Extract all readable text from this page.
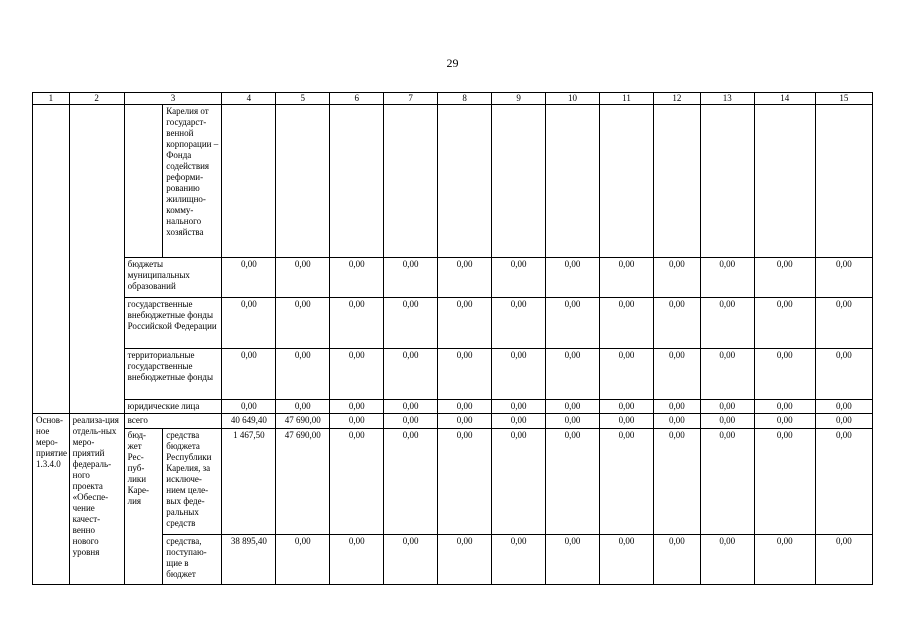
29
1	2	3		4	5	6	7	8	9	10	11	12	13	14	15
			Карелия от государст-венной корпорации – Фонда содействия реформи-рованию жилищно-комму-нального хозяйства												
		бюджеты муниципальных образований		0,00	0,00	0,00	0,00	0,00	0,00	0,00	0,00	0,00	0,00	0,00	0,00
		государственные внебюджетные фонды Российской Федерации		0,00	0,00	0,00	0,00	0,00	0,00	0,00	0,00	0,00	0,00	0,00	0,00
		территориальные государственные внебюджетные фонды		0,00	0,00	0,00	0,00	0,00	0,00	0,00	0,00	0,00	0,00	0,00	0,00
		юридические лица		0,00	0,00	0,00	0,00	0,00	0,00	0,00	0,00	0,00	0,00	0,00	0,00
Основ-ное меро-приятие 1.3.4.0	реализа-ция отдель-ных меро-приятий федераль-ного проекта «Обеспе-чение качест-венно нового уровня	всего		40 649,40	47 690,00	0,00	0,00	0,00	0,00	0,00	0,00	0,00	0,00	0,00	0,00
		бюд-жет Рес-пуб-лики Каре-лия	средства бюджета Республики Карелия, за исключе-нием целе-вых феде-ральных средств	1 467,50	47 690,00	0,00	0,00	0,00	0,00	0,00	0,00	0,00	0,00	0,00	0,00
			средства, поступаю-щие в бюджет	38 895,40	0,00	0,00	0,00	0,00	0,00	0,00	0,00	0,00	0,00	0,00	0,00
